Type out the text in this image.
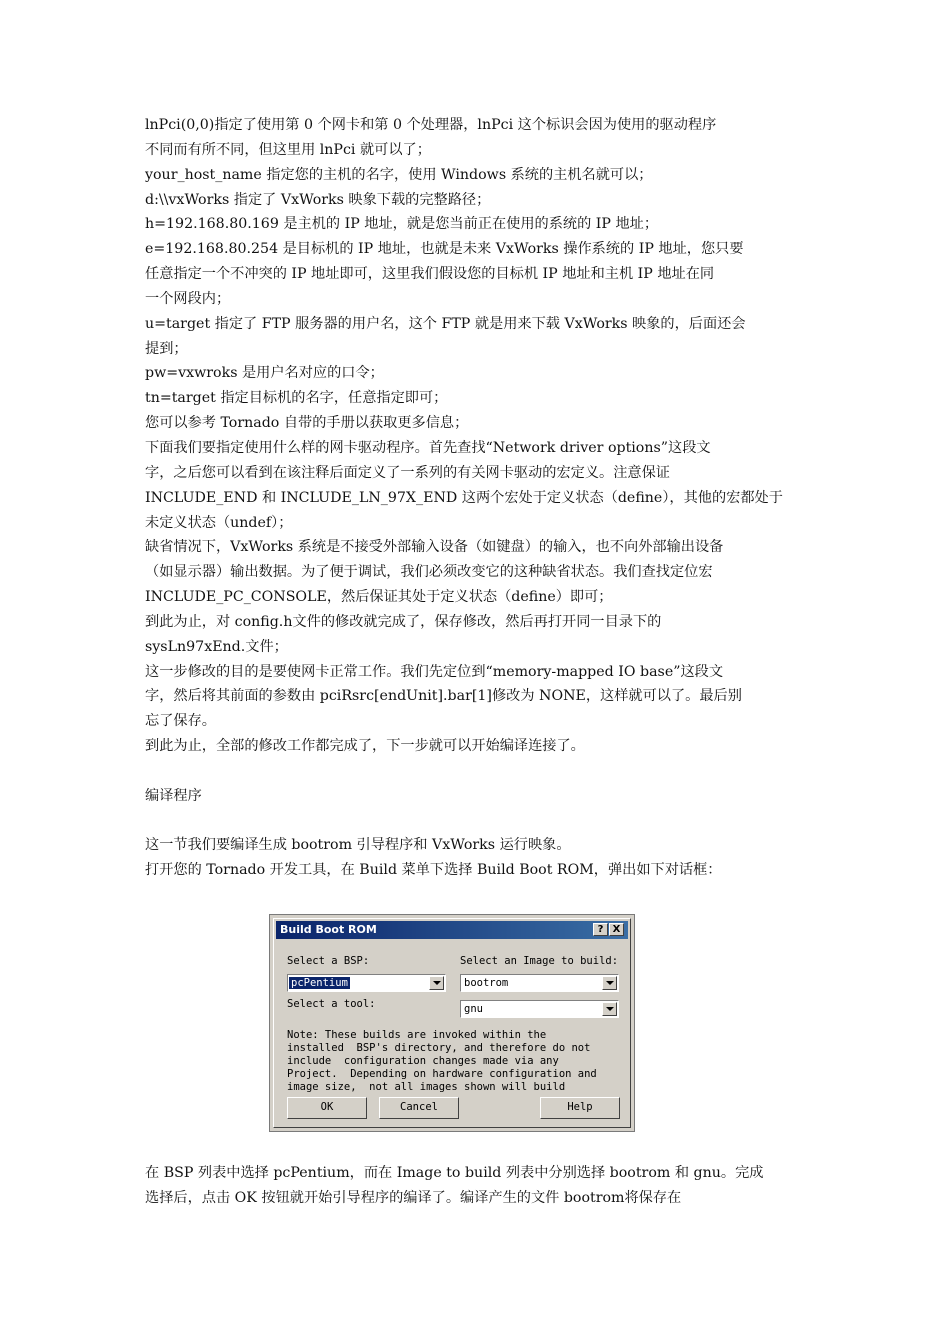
lnPci(0,0)指定了使用第 0 个网卡和第 0 个处理器，lnPci 这个标识会因为使用的驱动程序

不同而有所不同，但这里用 lnPci 就可以了；

your_host_name 指定您的主机的名字，使用 Windows 系统的主机名就可以；

d:\\vxWorks 指定了 VxWorks 映象下载的完整路径；

h=192.168.80.169 是主机的 IP 地址，就是您当前正在使用的系统的 IP 地址；

e=192.168.80.254 是目标机的 IP 地址，也就是未来 VxWorks 操作系统的 IP 地址，您只要

任意指定一个不冲突的 IP 地址即可，这里我们假设您的目标机 IP 地址和主机 IP 地址在同

一个网段内；

u=target 指定了 FTP 服务器的用户名，这个 FTP 就是用来下载 VxWorks 映象的，后面还会

提到；

pw=vxwroks 是用户名对应的口令；

tn=target 指定目标机的名字，任意指定即可；

您可以参考 Tornado 自带的手册以获取更多信息；

下面我们要指定使用什么样的网卡驱动程序。首先查找“Network driver options”这段文

字，之后您可以看到在该注释后面定义了一系列的有关网卡驱动的宏定义。注意保证

INCLUDE_END 和 INCLUDE_LN_97X_END 这两个宏处于定义状态（define），其他的宏都处于

未定义状态（undef）；

缺省情况下，VxWorks 系统是不接受外部输入设备（如键盘）的输入，也不向外部输出设备

（如显示器）输出数据。为了便于调试，我们必须改变它的这种缺省状态。我们查找定位宏

INCLUDE_PC_CONSOLE，然后保证其处于定义状态（define）即可；

到此为止，对 config.h文件的修改就完成了，保存修改，然后再打开同一目录下的

sysLn97xEnd.文件；

这一步修改的目的是要使网卡正常工作。我们先定位到“memory-mapped IO base”这段文

字，然后将其前面的参数由 pciRsrc[endUnit].bar[1]修改为 NONE，这样就可以了。最后别

忘了保存。

到此为止，全部的修改工作都完成了，下一步就可以开始编译连接了。

编译程序

这一节我们要编译生成 bootrom 引导程序和 VxWorks 运行映象。

打开您的 Tornado 开发工具，在 Build 菜单下选择 Build Boot ROM，弹出如下对话框：

Build Boot ROM	? X
Select a BSP:	Select an Image to build:
pcPentium	bootrom
Select a tool:	gnu
Note: These builds are invoked within the
installed  BSP's directory, and therefore do not
include  configuration changes made via any
Project.  Depending on hardware configuration and
image size,  not all images shown will build
OK	Cancel	Help

在 BSP 列表中选择 pcPentium，而在 Image to build 列表中分别选择 bootrom 和 gnu。完成

选择后，点击 OK 按钮就开始引导程序的编译了。编译产生的文件 bootrom将保存在
